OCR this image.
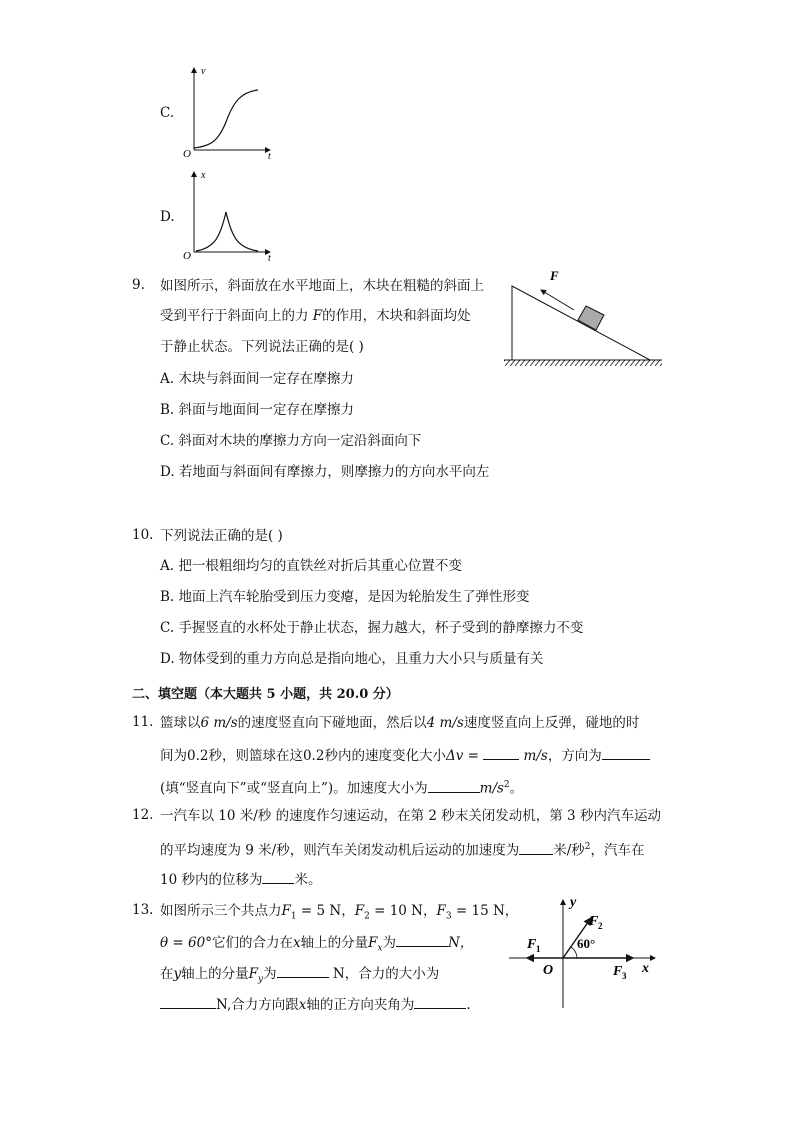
C.
v
t
O
D.
x
t
O
9. 如图所示，斜面放在水平地面上，木块在粗糙的斜面上
受到平行于斜面向上的力 F的作用，木块和斜面均处
于静止状态。下列说法正确的是( )
A. 木块与斜面间一定存在摩擦力
B. 斜面与地面间一定存在摩擦力
C. 斜面对木块的摩擦力方向一定沿斜面向下
D. 若地面与斜面间有摩擦力，则摩擦力的方向水平向左
F
10. 下列说法正确的是( )
A. 把一根粗细均匀的直铁丝对折后其重心位置不变
B. 地面上汽车轮胎受到压力变瘪，是因为轮胎发生了弹性形变
C. 手握竖直的水杯处于静止状态，握力越大，杯子受到的静摩擦力不变
D. 物体受到的重力方向总是指向地心，且重力大小只与质量有关
二、填空题（本大题共 5 小题，共 20.0 分）
11. 篮球以6 m/s的速度竖直向下碰地面，然后以4 m/s速度竖直向上反弹，碰地的时
间为0.2秒，则篮球在这0.2秒内的速度变化大小Δv =	m/s，方向为
(填“竖直向下”或“竖直向上”)。加速度大小为	$m/s^2$。
12. 一汽车以 10 米/秒 的速度作匀速运动，在第 2 秒末关闭发动机，第 3 秒内汽车运动
的平均速度为 9 米/秒，则汽车关闭发动机后运动的加速度为	米/秒$^2$，汽车在
10 秒内的位移为 米。
13. 如图所示三个共点力$F_1 = 5$ N，$F_2 = 10$ N，$F_3 = 15$ N，
θ = 60°它们的合力在x轴上的分量$F_x$为	N，
在y轴上的分量$F_y$为	N，合力的大小为
N,合力方向跟x轴的正方向夹角为	.
y
x
O
F 1
F 2
F 3
60°
